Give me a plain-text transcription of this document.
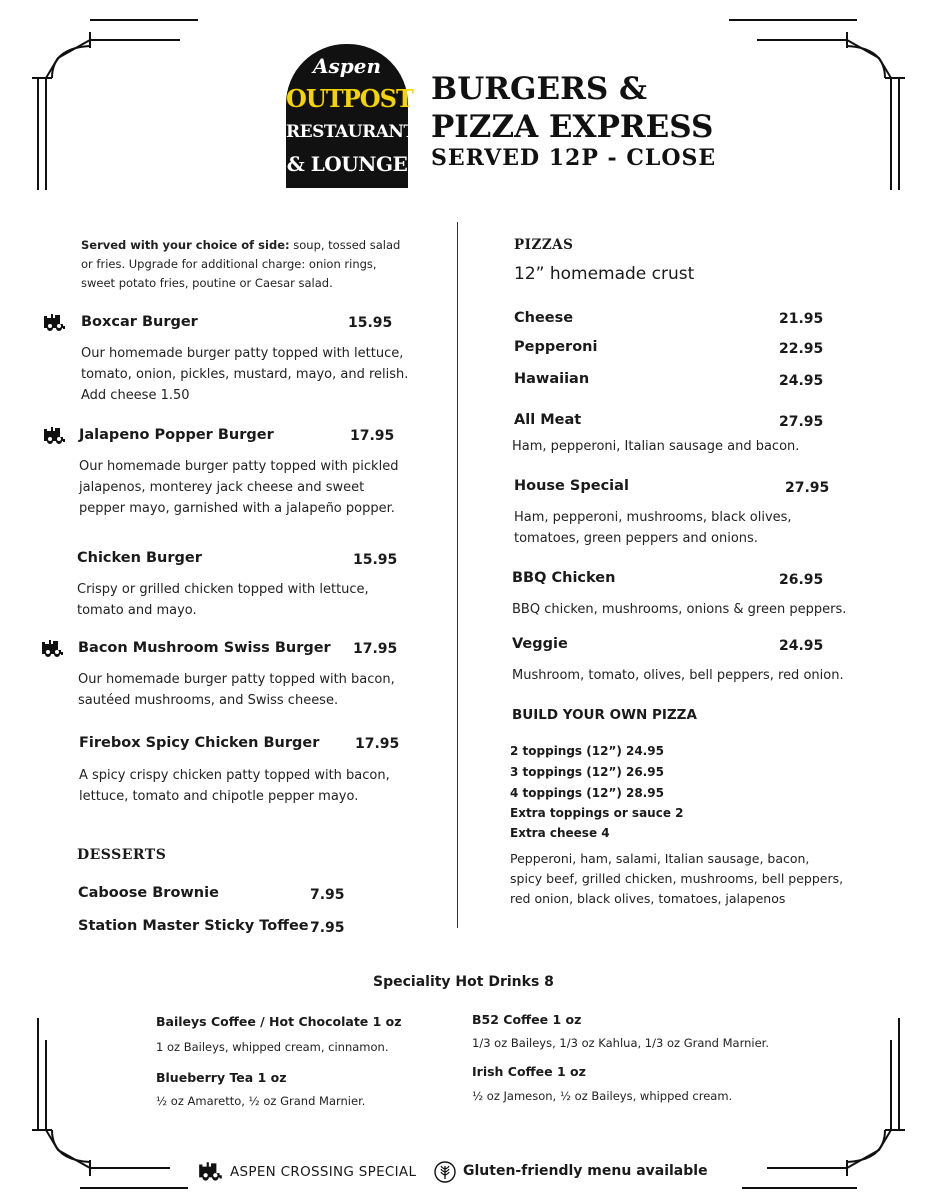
Aspen
OUTPOST
RESTAURANT
& LOUNGE
BURGERS &
PIZZA EXPRESS
SERVED 12P - CLOSE
Served with your choice of side: soup, tossed salad or fries. Upgrade for additional charge: onion rings, sweet potato fries, poutine or Caesar salad.
Boxcar Burger	15.95
Our homemade burger patty topped with lettuce, tomato, onion, pickles, mustard, mayo, and relish. Add cheese 1.50
Jalapeno Popper Burger	17.95
Our homemade burger patty topped with pickled jalapenos, monterey jack cheese and sweet pepper mayo, garnished with a jalapeño popper.
Chicken Burger	15.95
Crispy or grilled chicken topped with lettuce, tomato and mayo.
Bacon Mushroom Swiss Burger 17.95
Our homemade burger patty topped with bacon, sautéed mushrooms, and Swiss cheese.
Firebox Spicy Chicken Burger	17.95
A spicy crispy chicken patty topped with bacon, lettuce, tomato and chipotle pepper mayo.
DESSERTS
Caboose Brownie	7.95
Station Master Sticky Toffee 7.95
PIZZAS
12” homemade crust
Cheese	21.95
Pepperoni	22.95
Hawaiian	24.95
All Meat	27.95
Ham, pepperoni, Italian sausage and bacon.
House Special	27.95
Ham, pepperoni, mushrooms, black olives, tomatoes, green peppers and onions.
BBQ Chicken	26.95
BBQ chicken, mushrooms, onions & green peppers.
Veggie	24.95
Mushroom, tomato, olives, bell peppers, red onion.
BUILD YOUR OWN PIZZA
2 toppings (12”) 24.95
3 toppings (12”) 26.95
4 toppings (12”) 28.95
Extra toppings or sauce 2
Extra cheese 4
Pepperoni, ham, salami, Italian sausage, bacon, spicy beef, grilled chicken, mushrooms, bell peppers, red onion, black olives, tomatoes, jalapenos
Speciality Hot Drinks 8
Baileys Coffee / Hot Chocolate 1 oz
1 oz Baileys, whipped cream, cinnamon.
Blueberry Tea 1 oz
½ oz Amaretto, ½ oz Grand Marnier.
B52 Coffee 1 oz
1/3 oz Baileys, 1/3 oz Kahlua, 1/3 oz Grand Marnier.
Irish Coffee 1 oz
½ oz Jameson, ½ oz Baileys, whipped cream.
ASPEN CROSSING SPECIAL	Gluten-friendly menu available
